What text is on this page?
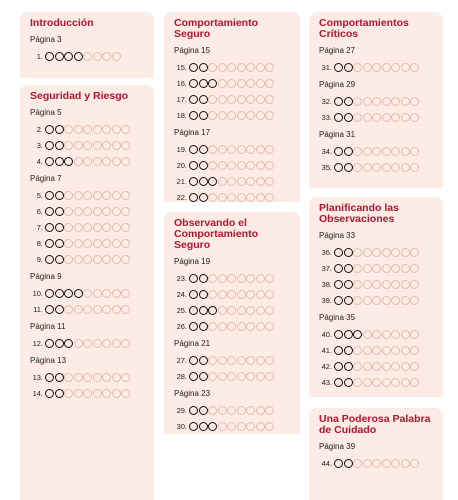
Introducción
Página 3
1.
Seguridad y Riesgo
Página 5
2.
3.
4.
Página 7
5.
6.
7.
8.
9.
Página 9
10.
11.
Página 11
12.
Página 13
13.
14.
Comportamiento Seguro
Página 15
15.
16.
17.
18.
Página 17
19.
20.
21.
22.
Observando el Comportamiento Seguro
Página 19
23.
24.
25.
26.
Página 21
27.
28.
Página 23
29.
30.
Comportamientos Críticos
Página 27
31.
Página 29
32.
33.
Página 31
34.
35.
Planificando las Observaciones
Página 33
36.
37.
38.
39.
Página 35
40.
41.
42.
43.
Una Poderosa Palabra de Cuidado
Página 39
44.
